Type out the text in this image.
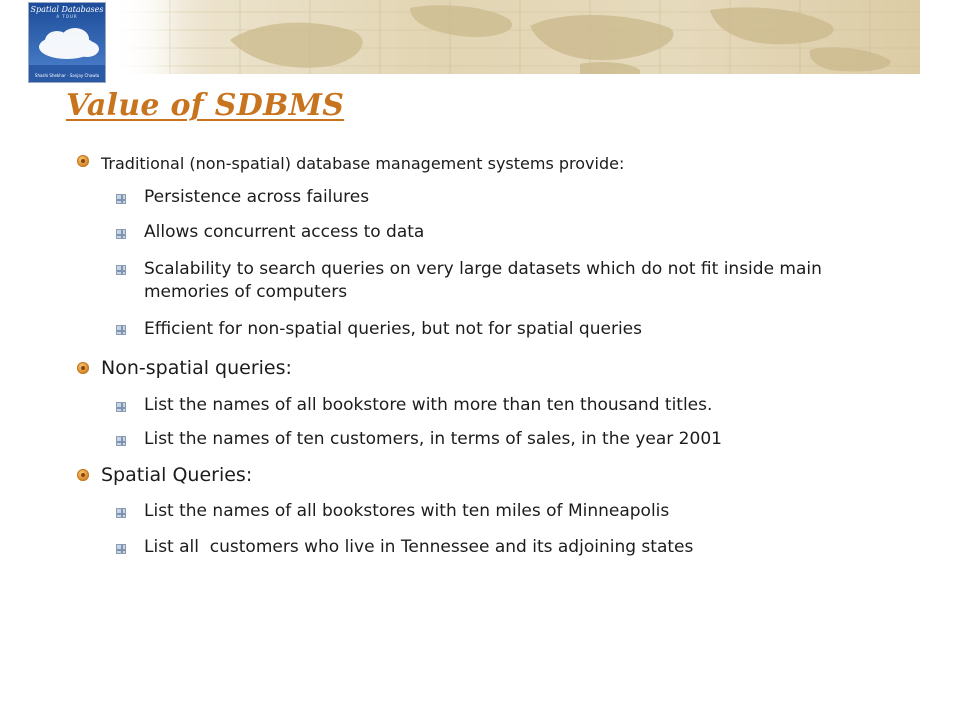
Spatial Databases
A TOUR
Shashi Shekhar · Sanjay Chawla
Value of SDBMS
Traditional (non-spatial) database management systems provide:
Persistence across failures
Allows concurrent access to data
Scalability to search queries on very large datasets which do not fit inside main memories of computers
Efficient for non-spatial queries, but not for spatial queries
Non-spatial queries:
List the names of all bookstore with more than ten thousand titles.
List the names of ten customers, in terms of sales, in the year 2001
Spatial Queries:
List the names of all bookstores with ten miles of Minneapolis
List all  customers who live in Tennessee and its adjoining states
